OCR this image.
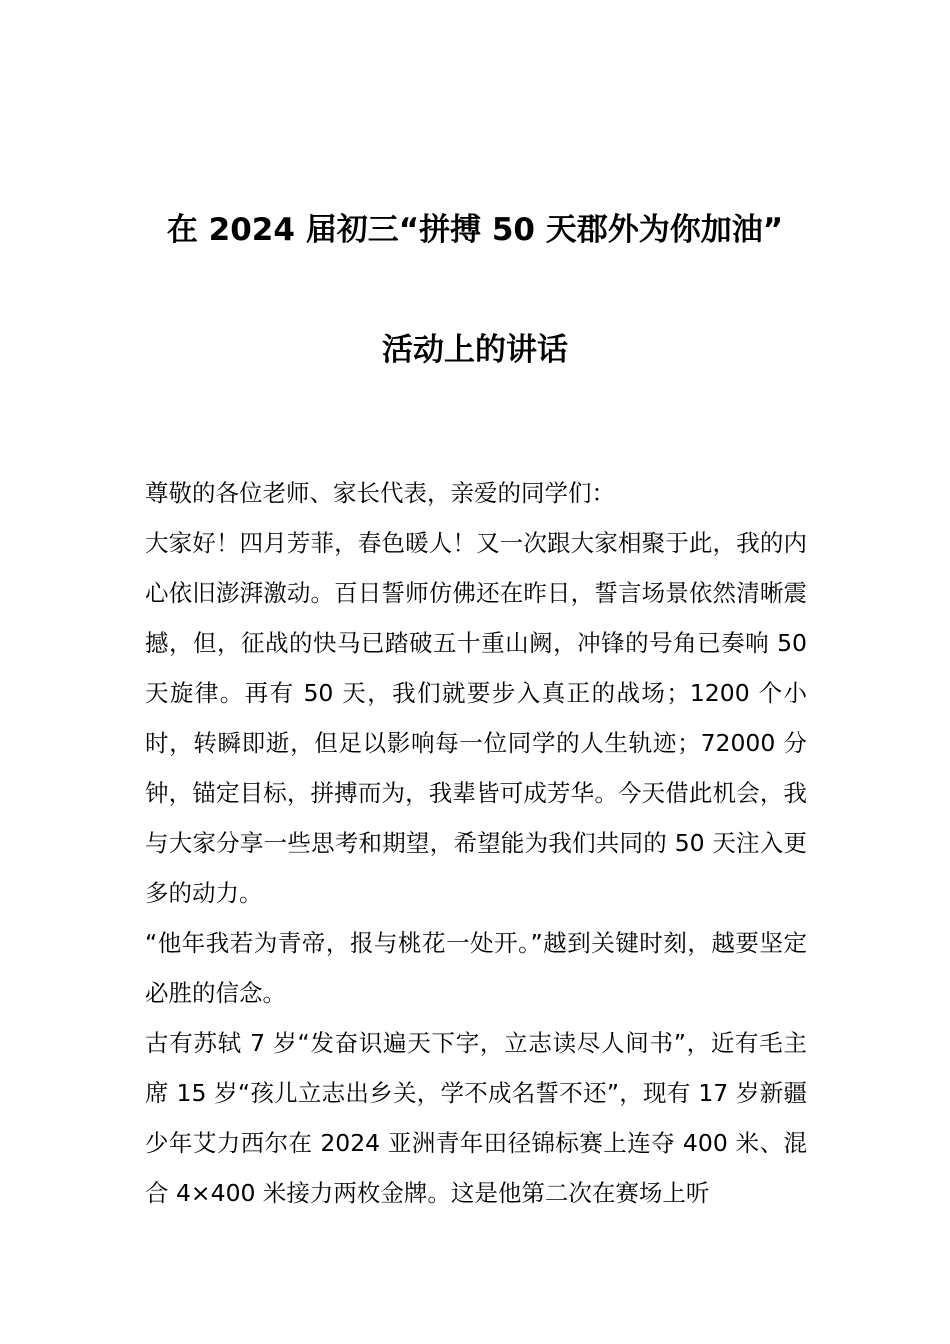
在 2024 届初三“拼搏 50 天郡外为你加油”
活动上的讲话

尊敬的各位老师、家长代表，亲爱的同学们：

大家好！四月芳菲，春色暖人！又一次跟大家相聚于此，我的内心依旧澎湃激动。百日誓师仿佛还在昨日，誓言场景依然清晰震撼，但，征战的快马已踏破五十重山阙，冲锋的号角已奏响 50 天旋律。再有 50 天，我们就要步入真正的战场；1200 个小时，转瞬即逝，但足以影响每一位同学的人生轨迹；72000 分钟，锚定目标，拼搏而为，我辈皆可成芳华。今天借此机会，我与大家分享一些思考和期望，希望能为我们共同的 50 天注入更多的动力。

“他年我若为青帝，报与桃花一处开。”越到关键时刻，越要坚定必胜的信念。

古有苏轼 7 岁“发奋识遍天下字，立志读尽人间书”，近有毛主席 15 岁“孩儿立志出乡关，学不成名誓不还”，现有 17 岁新疆少年艾力西尔在 2024 亚洲青年田径锦标赛上连夺 400 米、混合 4×400 米接力两枚金牌。这是他第二次在赛场上听
